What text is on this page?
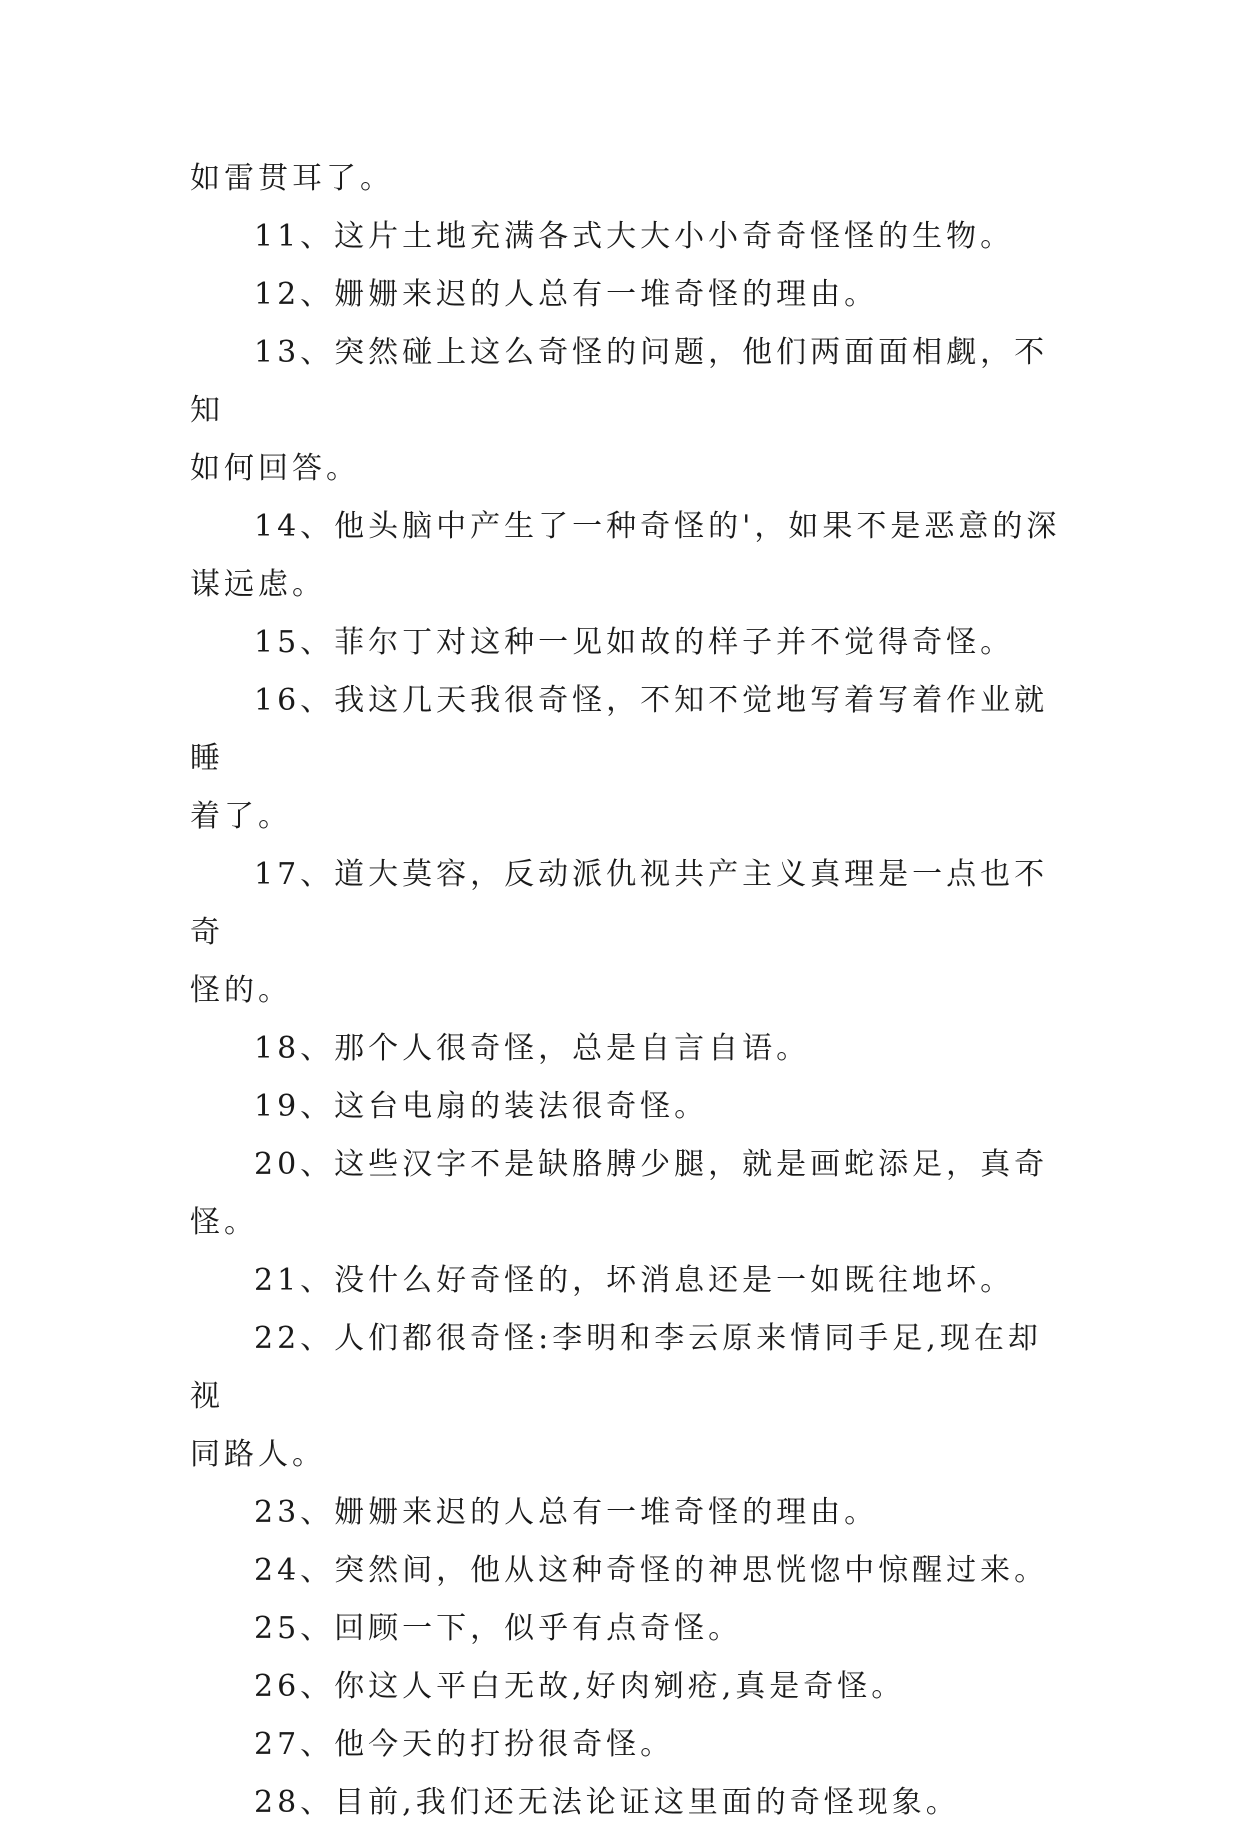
如雷贯耳了。

11、这片土地充满各式大大小小奇奇怪怪的生物。

12、姗姗来迟的人总有一堆奇怪的理由。

13、突然碰上这么奇怪的问题，他们两面面相觑，不知

如何回答。

14、他头脑中产生了一种奇怪的'，如果不是恶意的深

谋远虑。

15、菲尔丁对这种一见如故的样子并不觉得奇怪。

16、我这几天我很奇怪，不知不觉地写着写着作业就睡

着了。

17、道大莫容，反动派仇视共产主义真理是一点也不奇

怪的。

18、那个人很奇怪，总是自言自语。

19、这台电扇的装法很奇怪。

20、这些汉字不是缺胳膊少腿，就是画蛇添足，真奇怪。

21、没什么好奇怪的，坏消息还是一如既往地坏。

22、人们都很奇怪:李明和李云原来情同手足,现在却视

同路人。

23、姗姗来迟的人总有一堆奇怪的理由。

24、突然间，他从这种奇怪的神思恍惚中惊醒过来。

25、回顾一下，似乎有点奇怪。

26、你这人平白无故,好肉剜疮,真是奇怪。

27、他今天的打扮很奇怪。

28、目前,我们还无法论证这里面的奇怪现象。
